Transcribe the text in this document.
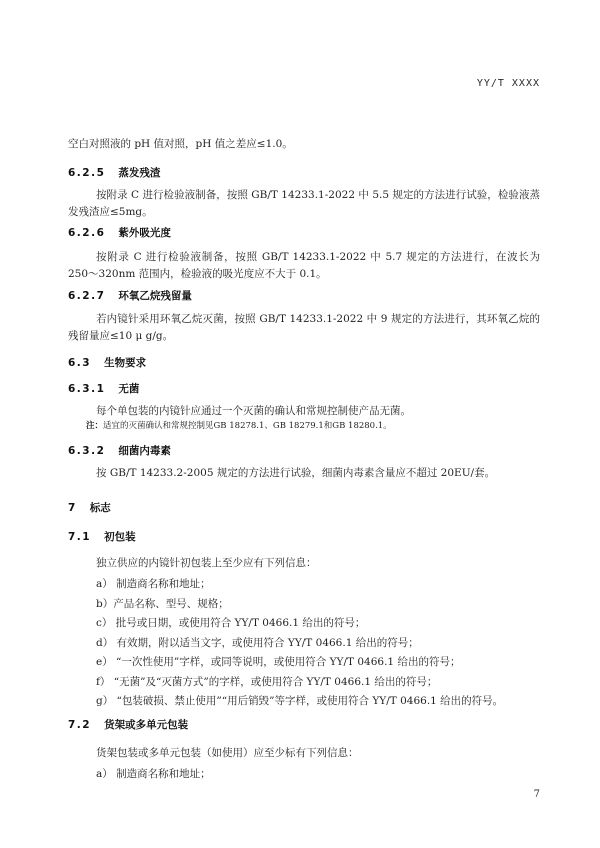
YY/T XXXX

空白对照液的 pH 值对照，pH 值之差应≤1.0。

6.2.5 蒸发残渣

按附录 C 进行检验液制备，按照 GB/T 14233.1-2022 中 5.5 规定的方法进行试验，检验液蒸发残渣应≤5mg。

6.2.6 紫外吸光度

按附录 C 进行检验液制备，按照 GB/T 14233.1-2022 中 5.7 规定的方法进行，在波长为 250～320nm 范围内，检验液的吸光度应不大于 0.1。

6.2.7 环氧乙烷残留量

若内镜针采用环氧乙烷灭菌，按照 GB/T 14233.1-2022 中 9 规定的方法进行，其环氧乙烷的残留量应≤10 μ g/g。

6.3 生物要求
6.3.1 无菌

每个单包装的内镜针应通过一个灭菌的确认和常规控制使产品无菌。

注：适宜的灭菌确认和常规控制见GB 18278.1、GB 18279.1和GB 18280.1。

6.3.2 细菌内毒素

按 GB/T 14233.2-2005 规定的方法进行试验，细菌内毒素含量应不超过 20EU/套。

7 标志
7.1 初包装

独立供应的内镜针初包装上至少应有下列信息：

a） 制造商名称和地址；
b）产品名称、型号、规格；
c） 批号或日期，或使用符合 YY/T 0466.1 给出的符号；
d） 有效期，附以适当文字，或使用符合 YY/T 0466.1 给出的符号；
e） “一次性使用”字样，或同等说明，或使用符合 YY/T 0466.1 给出的符号；
f） “无菌”及“灭菌方式”的字样，或使用符合 YY/T 0466.1 给出的符号；
g） “包装破损、禁止使用”“用后销毁”等字样，或使用符合 YY/T 0466.1 给出的符号。
7.2 货架或多单元包装

货架包装或多单元包装（如使用）应至少标有下列信息：

a） 制造商名称和地址；
7
